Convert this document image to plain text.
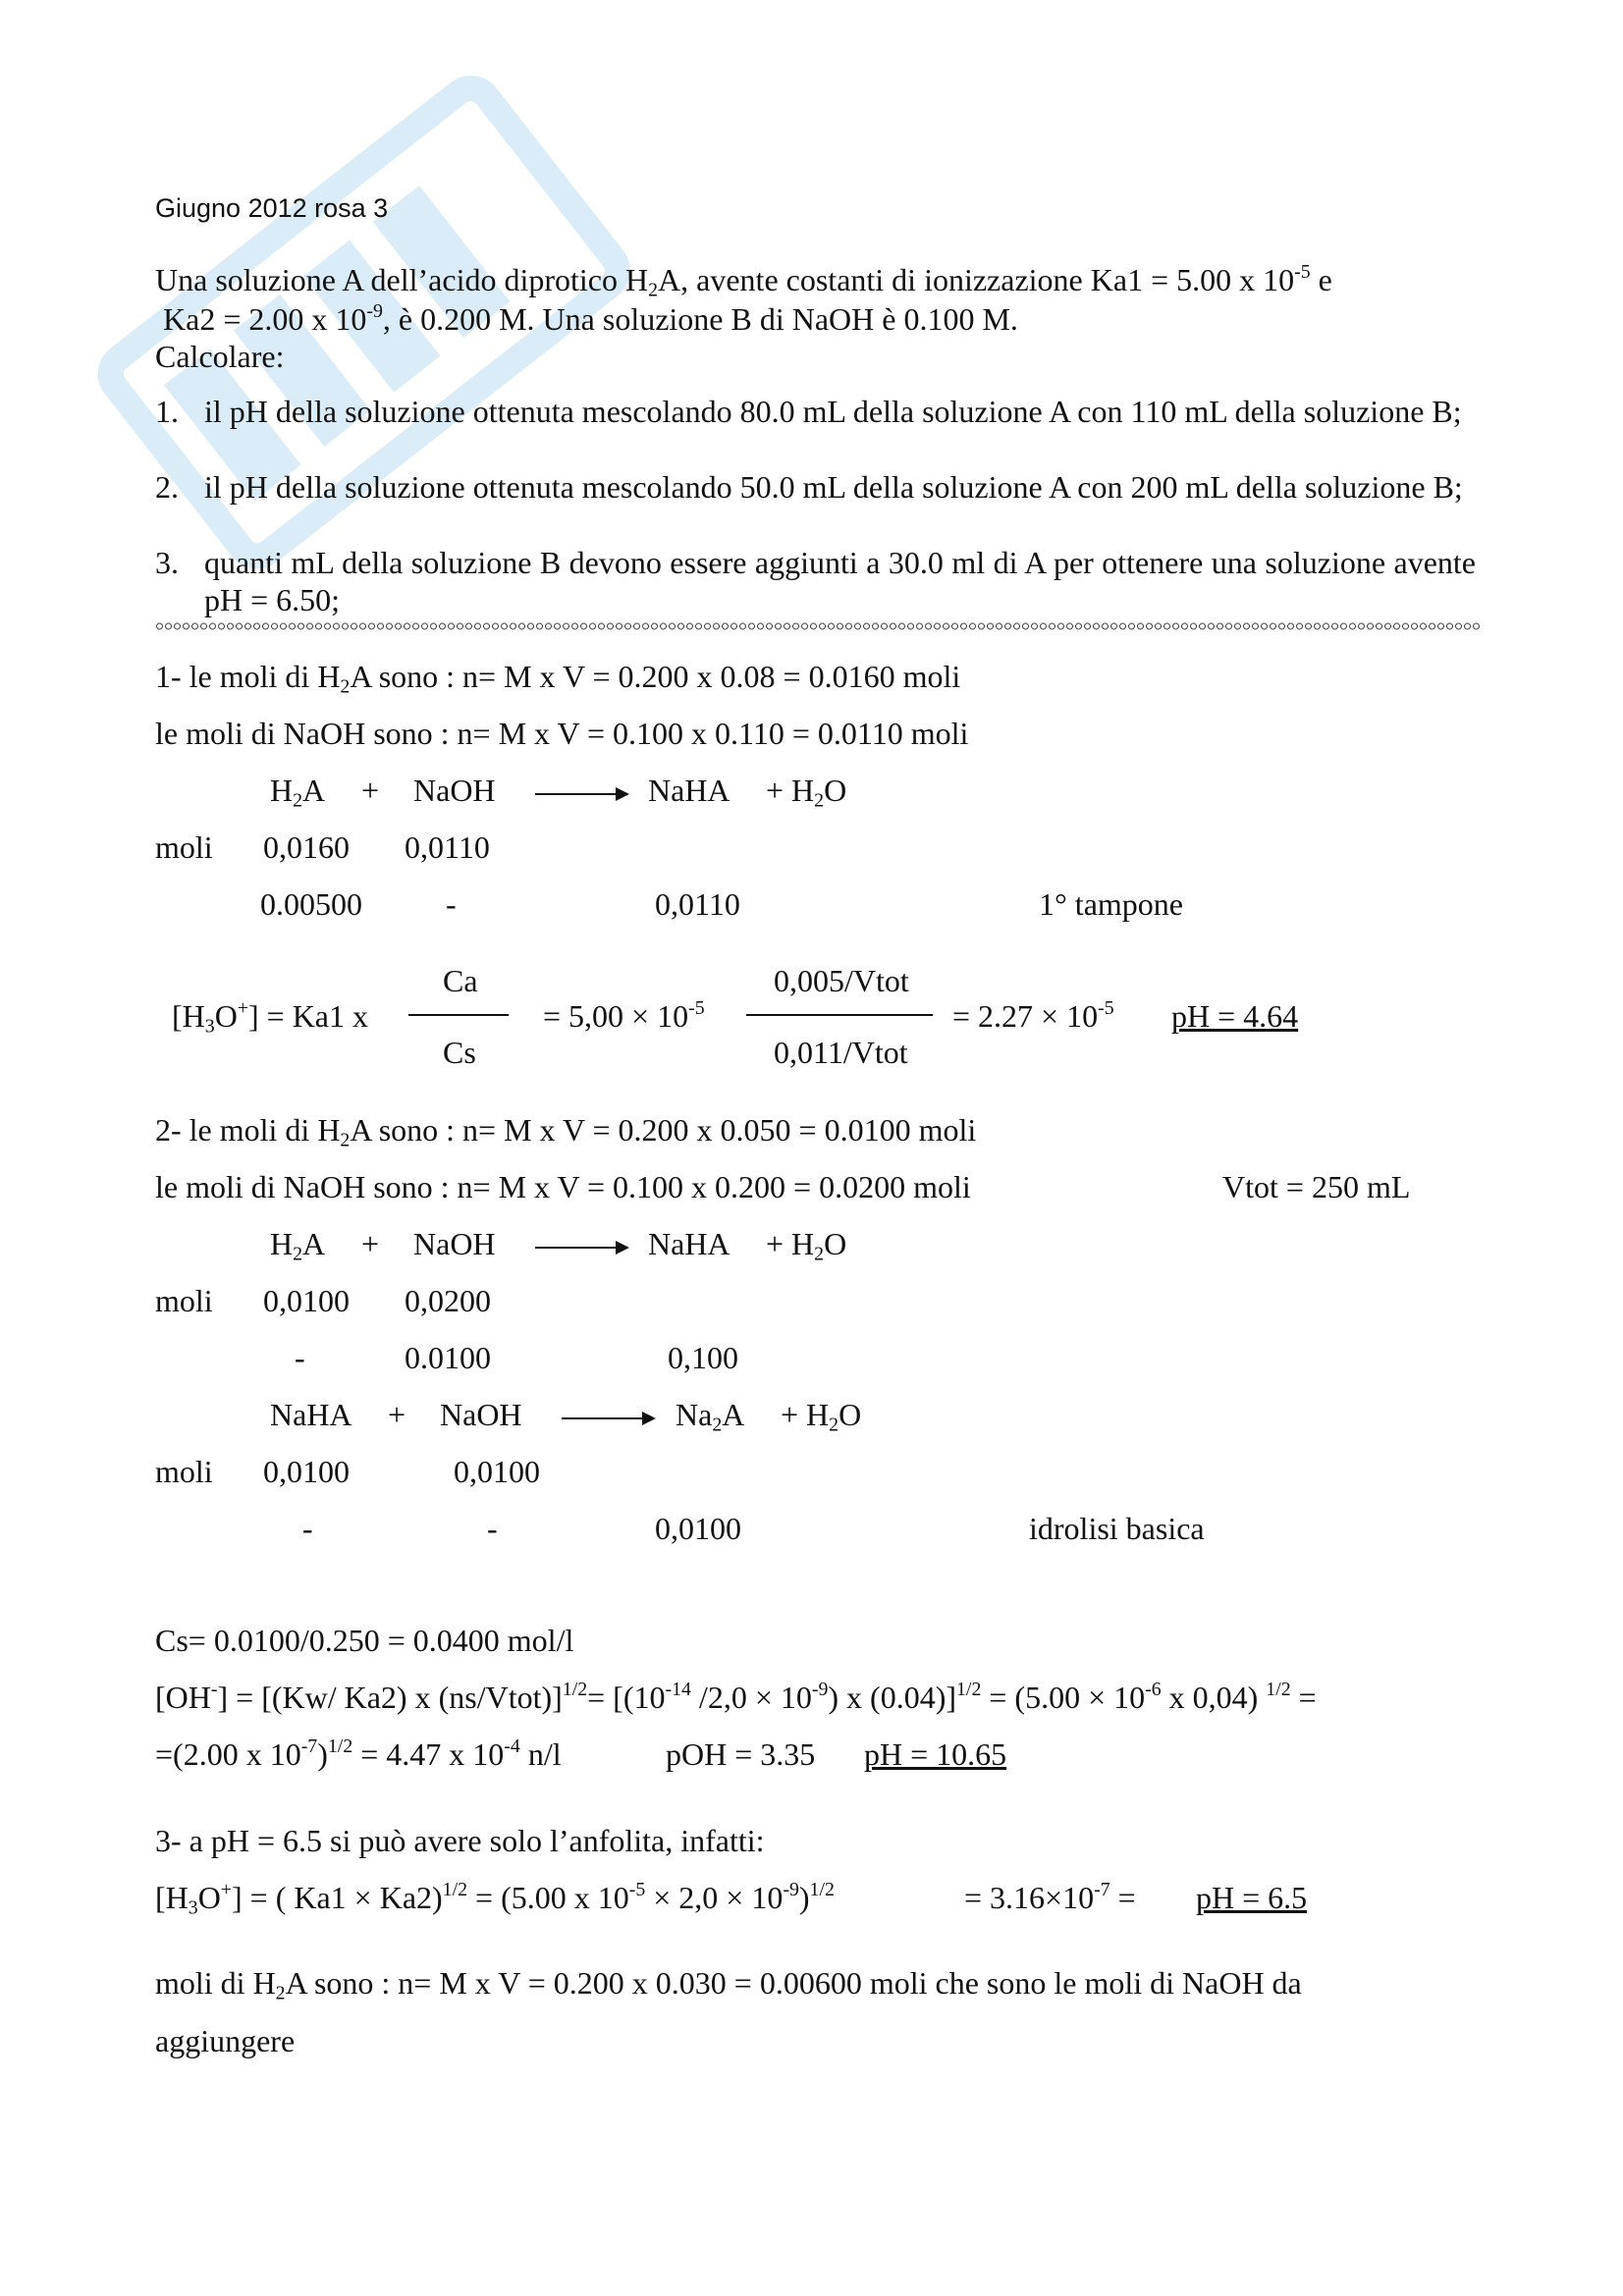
Giugno 2012 rosa 3
Una soluzione A dell’acido diprotico $H_2A$, avente costanti di ionizzazione Ka1 = 5.00 x $10^{-5}$ e
Ka2 = 2.00 x $10^{-9}$, è 0.200 M. Una soluzione B di NaOH è 0.100 M.
Calcolare:
1. il pH della soluzione ottenuta mescolando 80.0 mL della soluzione A con 110 mL della soluzione B;
2. il pH della soluzione ottenuta mescolando 50.0 mL della soluzione A con 200 mL della soluzione B;
3. quanti mL della soluzione B devono essere aggiunti a 30.0 ml di A per ottenere una soluzione avente pH = 6.50;
1- le moli di $H_2A$ sono : n= M x V = 0.200 x 0.08 = 0.0160 moli
le moli di NaOH sono : n= M x V = 0.100 x 0.110 = 0.0110 moli
$H_2A$ + NaOH → NaHA + $H_2O$
moli 0,0160 0,0110
0.00500	-	0,0110	1° tampone
Ca
Cs
$[H_3O^+] = Ka1$ x	= $5,00 \times 10^{-5}$
0,005/Vtot
0,011/Vtot
= $2.27 \times 10^{-5}$ pH = 4.64
2- le moli di $H_2A$ sono : n= M x V = 0.200 x 0.050 = 0.0100 moli
le moli di NaOH sono : n= M x V = 0.100 x 0.200 = 0.0200 moli	Vtot = 250 mL
$H_2A$ + NaOH → NaHA + $H_2O$
moli 0,0100 0,0200
-	0.0100	0,100
NaHA + NaOH → $Na_2A + H_2O$
moli 0,0100	0,0100
-	-	0,0100	idrolisi basica
Cs= 0.0100/0.250 = 0.0400 mol/l
[OH-] = [(Kw/ Ka2) x (ns/Vtot)]$^{1/2}$= [($10^{-14}$ $/2,0 \times 10^{-9}$) x $(0.04)]^{1/2} = (5.00 \times 10^{-6}$ x 0,04) $^{1/2}$ =
=(2.00 x $10^{-7})^{1/2} = 4.47$ x $10^{-4}$ n/l	pOH = 3.35 pH = 10.65
3- a pH = 6.5 si può avere solo l’anfolita, infatti:
$[H_3O^+]$ = ( Ka1 × Ka2)$^{1/2}$ = (5.00 x $10^{-5} \times 2,0 \times 10^{-9})^{1/2}$	= $3.16\times 10^{-7}$ = pH = 6.5
moli di $H_2A$ sono : n= M x V = 0.200 x 0.030 = 0.00600 moli che sono le moli di NaOH da
aggiungere
